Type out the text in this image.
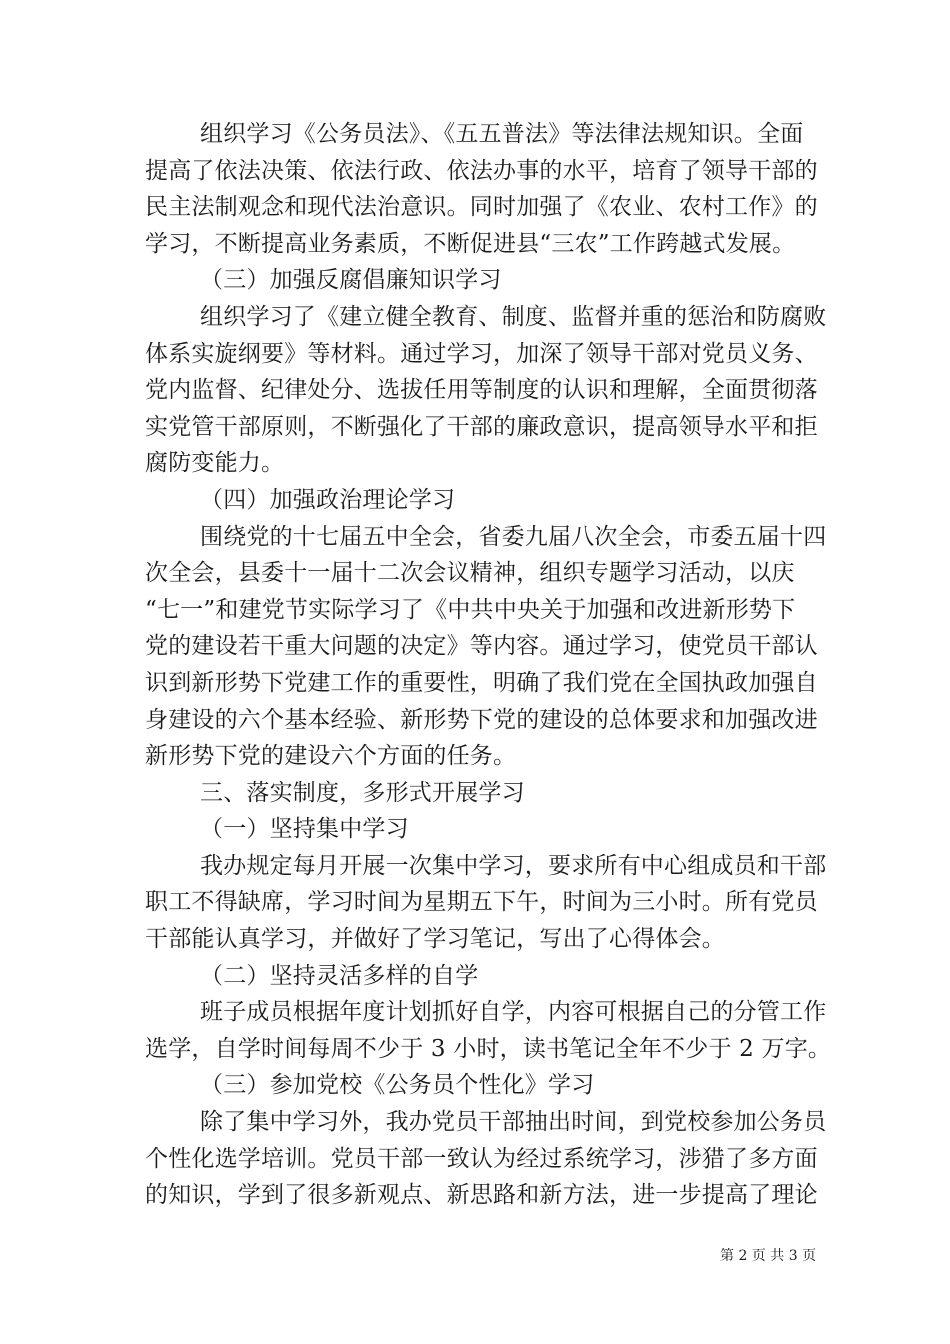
组织学习《公务员法》、《五五普法》等法律法规知识。全面
提高了依法决策、依法行政、依法办事的水平，培育了领导干部的
民主法制观念和现代法治意识。同时加强了《农业、农村工作》的
学习，不断提高业务素质，不断促进县“三农”工作跨越式发展。
（三）加强反腐倡廉知识学习
组织学习了《建立健全教育、制度、监督并重的惩治和防腐败
体系实旋纲要》等材料。通过学习，加深了领导干部对党员义务、
党内监督、纪律处分、选拔任用等制度的认识和理解，全面贯彻落
实党管干部原则，不断强化了干部的廉政意识，提高领导水平和拒
腐防变能力。
（四）加强政治理论学习
围绕党的十七届五中全会，省委九届八次全会，市委五届十四
次全会，县委十一届十二次会议精神，组织专题学习活动，以庆
“七一”和建党节实际学习了《中共中央关于加强和改进新形势下
党的建设若干重大问题的决定》等内容。通过学习，使党员干部认
识到新形势下党建工作的重要性，明确了我们党在全国执政加强自
身建设的六个基本经验、新形势下党的建设的总体要求和加强改进
新形势下党的建设六个方面的任务。
三、落实制度，多形式开展学习
（一）坚持集中学习
我办规定每月开展一次集中学习，要求所有中心组成员和干部
职工不得缺席，学习时间为星期五下午，时间为三小时。所有党员
干部能认真学习，并做好了学习笔记，写出了心得体会。
（二）坚持灵活多样的自学
班子成员根据年度计划抓好自学，内容可根据自己的分管工作
选学，自学时间每周不少于 3 小时，读书笔记全年不少于 2 万字。
（三）参加党校《公务员个性化》学习
除了集中学习外，我办党员干部抽出时间，到党校参加公务员
个性化选学培训。党员干部一致认为经过系统学习，涉猎了多方面
的知识，学到了很多新观点、新思路和新方法，进一步提高了理论
第 2 页 共 3 页
